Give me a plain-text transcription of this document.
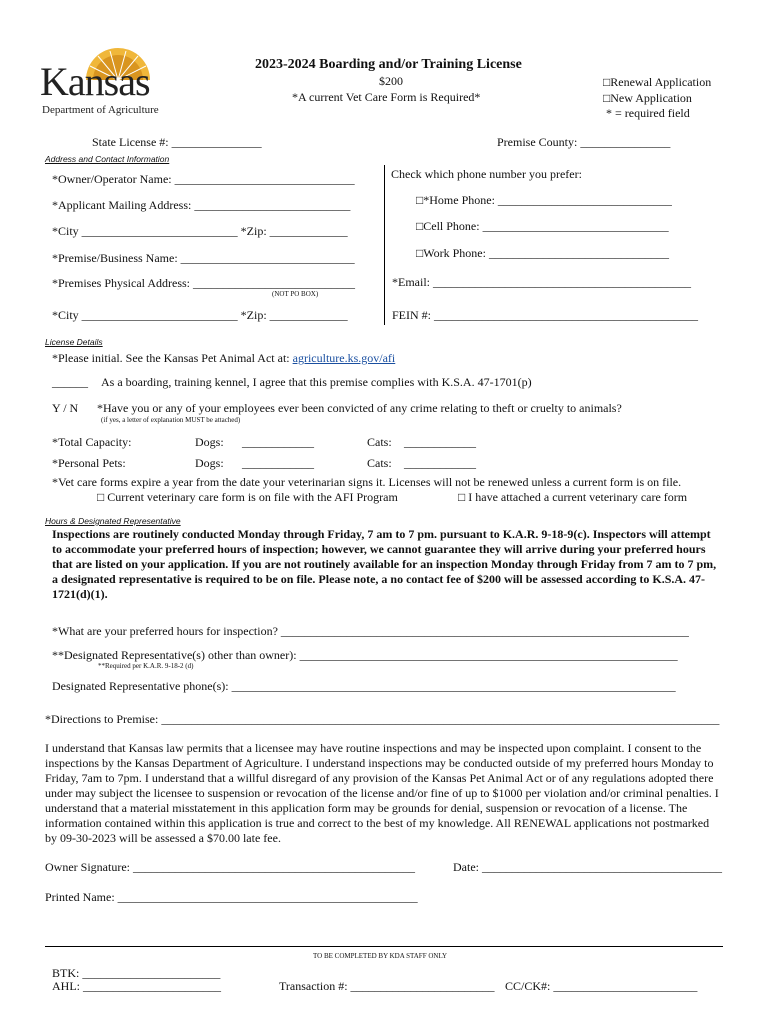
Kansas
Department of Agriculture
2023-2024 Boarding and/or Training License
$200
*A current Vet Care Form is Required*
□Renewal Application
□New Application
* = required field
State License #: _______________	Premise County: _______________
Address and Contact Information
*Owner/Operator Name: ______________________________
*Applicant Mailing Address: __________________________
*City __________________________ *Zip: _____________
*Premise/Business Name: _____________________________
*Premises Physical Address: ___________________________
(NOT PO BOX)
*City __________________________ *Zip: _____________
Check which phone number you prefer:
□*Home Phone: _____________________________
□Cell Phone: _______________________________
□Work Phone: ______________________________
*Email: ___________________________________________
FEIN #: ____________________________________________
License Details
*Please initial. See the Kansas Pet Animal Act at: agriculture.ks.gov/afi
______ As a boarding, training kennel, I agree that this premise complies with K.S.A. 47-1701(p)
Y / N *Have you or any of your employees ever been convicted of any crime relating to theft or cruelty to animals?
(if yes, a letter of explanation MUST be attached)
*Total Capacity:	Dogs: ____________	Cats: ____________
*Personal Pets:	Dogs: ____________	Cats: ____________
*Vet care forms expire a year from the date your veterinarian signs it. Licenses will not be renewed unless a current form is on file.
□ Current veterinary care form is on file with the AFI Program	□ I have attached a current veterinary care form
Hours & Designated Representative
Inspections are routinely conducted Monday through Friday, 7 am to 7 pm. pursuant to K.A.R. 9-18-9(c). Inspectors will attempt to accommodate your preferred hours of inspection; however, we cannot guarantee they will arrive during your preferred hours that are listed on your application. If you are not routinely available for an inspection Monday through Friday from 7 am to 7 pm, a designated representative is required to be on file. Please note, a no contact fee of $200 will be assessed according to K.S.A. 47-1721(d)(1).
*What are your preferred hours for inspection? ____________________________________________________________________
**Designated Representative(s) other than owner): _______________________________________________________________
**Required per K.A.R. 9-18-2 (d)
Designated Representative phone(s): __________________________________________________________________________
*Directions to Premise: _____________________________________________________________________________________________
I understand that Kansas law permits that a licensee may have routine inspections and may be inspected upon complaint. I consent to the inspections by the Kansas Department of Agriculture. I understand inspections may be conducted outside of my preferred hours Monday to Friday, 7am to 7pm. I understand that a willful disregard of any provision of the Kansas Pet Animal Act or of any regulations adopted there under may subject the licensee to suspension or revocation of the license and/or fine of up to $1000 per violation and/or criminal penalties. I understand that a material misstatement in this application form may be grounds for denial, suspension or revocation of a license. The information contained within this application is true and correct to the best of my knowledge. All RENEWAL applications not postmarked by 09-30-2023 will be assessed a $70.00 late fee.
Owner Signature: _______________________________________________	Date: ________________________________________
Printed Name: __________________________________________________
TO BE COMPLETED BY KDA STAFF ONLY
BTK: _______________________
AHL: _______________________	Transaction #: ________________________ CC/CK#: ________________________
